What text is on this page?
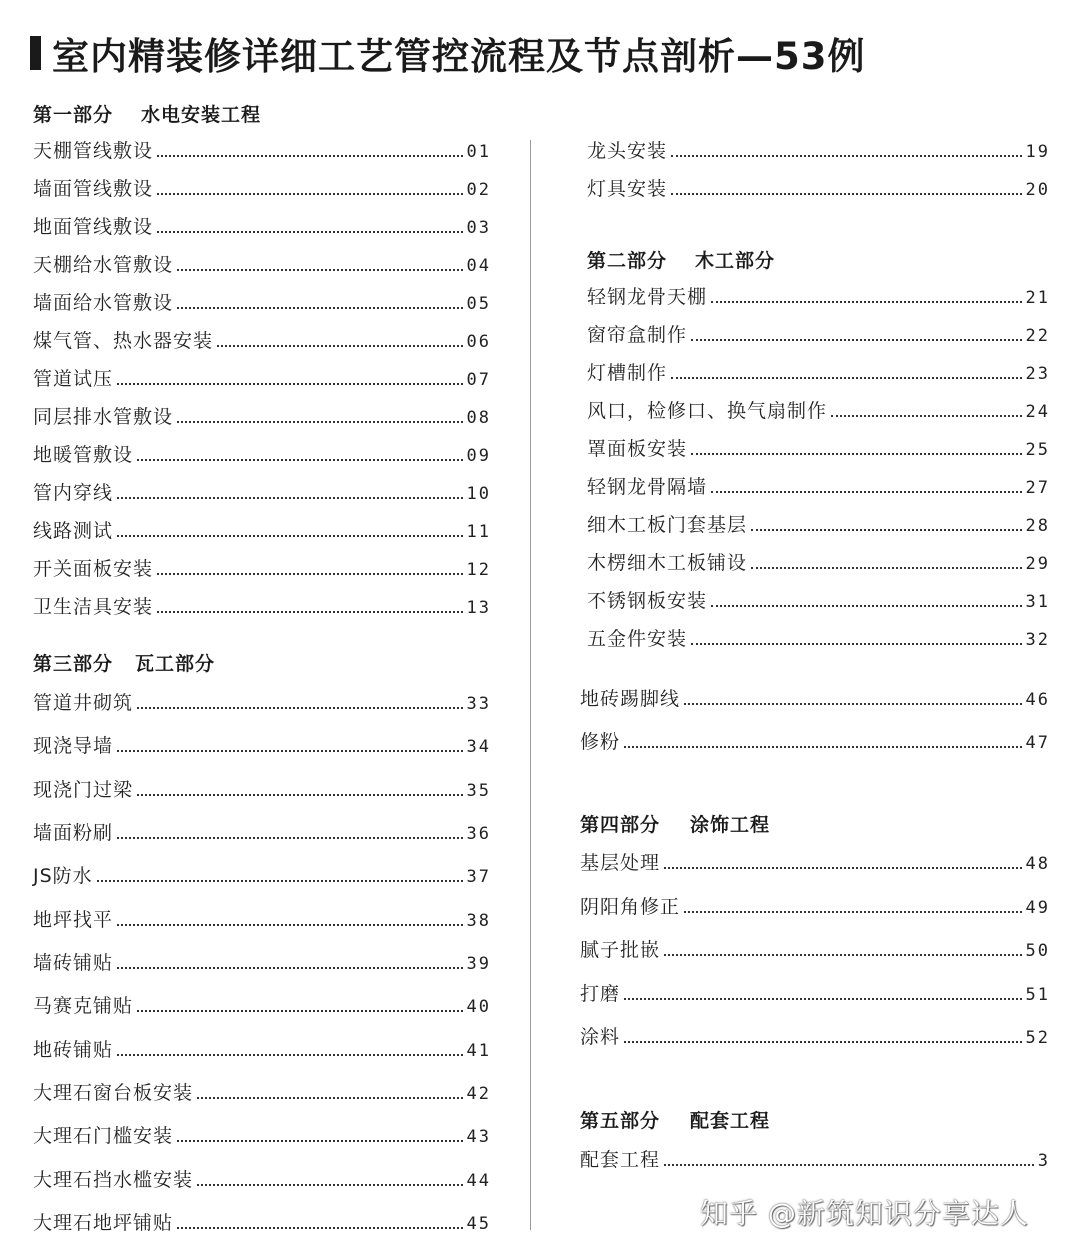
室内精装修详细工艺管控流程及节点剖析—53例
第一部分 水电安装工程
第二部分 木工部分
第三部分 瓦工部分
第四部分 涂饰工程
第五部分 配套工程
天棚管线敷设	01
墙面管线敷设	02
地面管线敷设	03
天棚给水管敷设	04
墙面给水管敷设	05
煤气管、热水器安装	06
管道试压	07
同层排水管敷设	08
地暖管敷设	09
管内穿线	10
线路测试	11
开关面板安装	12
卫生洁具安装	13
管道井砌筑	33
现浇导墙	34
现浇门过梁	35
墙面粉刷	36
JS防水	37
地坪找平	38
墙砖铺贴	39
马赛克铺贴	40
地砖铺贴	41
大理石窗台板安装	42
大理石门槛安装	43
大理石挡水槛安装	44
大理石地坪铺贴	45
龙头安装	19
灯具安装	20
轻钢龙骨天棚	21
窗帘盒制作	22
灯槽制作	23
风口，检修口、换气扇制作	24
罩面板安装	25
轻钢龙骨隔墙	27
细木工板门套基层	28
木楞细木工板铺设	29
不锈钢板安装	31
五金件安装	32
地砖踢脚线	46
修粉	47
基层处理	48
阴阳角修正	49
腻子批嵌	50
打磨	51
涂料	52
配套工程	3
知乎 @新筑知识分享达人
